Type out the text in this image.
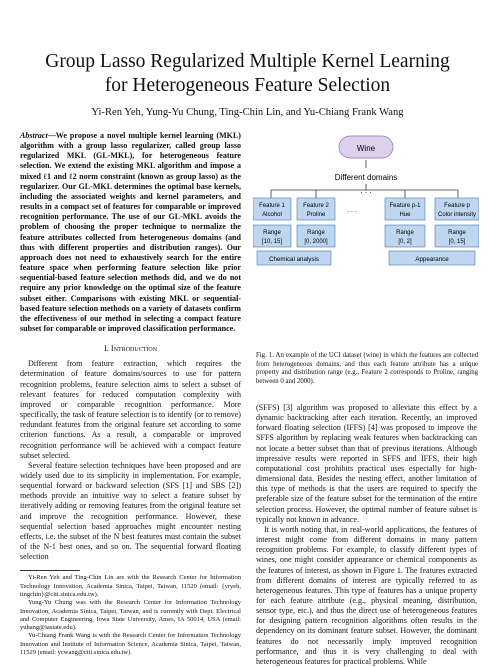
Group Lasso Regularized Multiple Kernel Learning
for Heterogeneous Feature Selection

Yi-Ren Yeh, Yung-Yu Chung, Ting-Chin Lin, and Yu-Chiang Frank Wang

Abstract—We propose a novel multiple kernel learning (MKL) algorithm with a group lasso regularizer, called group lasso regularized MKL (GL-MKL), for heterogeneous feature selection. We extend the existing MKL algorithm and impose a mixed ℓ1 and ℓ2 norm constraint (known as group lasso) as the regularizer. Our GL-MKL determines the optimal base kernels, including the associated weights and kernel parameters, and results in a compact set of features for comparable or improved recognition performance. The use of our GL-MKL avoids the problem of choosing the proper technique to normalize the feature attributes collected from heterogeneous domains (and thus with different properties and distribution ranges). Our approach does not need to exhaustively search for the entire feature space when performing feature selection like prior sequential-based feature selection methods did, and we do not require any prior knowledge on the optimal size of the feature subset either. Comparisons with existing MKL or sequential-based feature selection methods on a variety of datasets confirm the effectiveness of our method in selecting a compact feature subset for comparable or improved classification performance.

I. Introduction

Different from feature extraction, which requires the determination of feature domains/sources to use for pattern recognition problems, feature selection aims to select a subset of relevant features for reduced computation complexity with improved or comparable recognition performance. More specifically, the task of feature selection is to identify (or to remove) redundant features from the original feature set according to some criterion functions. As a result, a comparable or improved recognition performance will be achieved with a compact feature subset selected.

Several feature selection techniques have been proposed and are widely used due to its simplicity in implementation. For example, sequential forward or backward selection (SFS [1] and SBS [2]) methods provide an intuitive way to select a feature subset by iteratively adding or removing features from the original feature set and improve the recognition performance. However, these sequential selection based approaches might encounter nesting effects, i.e. the subset of the N best features must contain the subset of the N-1 best ones, and so on. The sequential forward floating selection

Yi-Ren Yeh and Ting-Chin Lin are with the Research Center for Information Technology Innovation, Academia Sinica, Taipei, Taiwan, 11529 (email: {yryeh, tingchin}@citi.sinica.edu.tw).

Yung-Yu Chung was with the Research Center for Information Technology Innovation, Academia Sinica, Taipei, Taiwan, and is currently with Dept. Electrical and Computer Engineering, Iowa State University, Ames, IA 50014, USA (email: yuhang@iastate.edu).

Yu-Chiang Frank Wang is with the Research Center for Information Technology Innovation and Institute of Information Science, Academia Sinica, Taipei, Taiwan, 11529 (email: ycwang@citi.sinica.edu.tw).

Wine
Different domains
. . .
Feature 1
Alcohol
Feature 2
Proline
. . .
Feature p-1
Hue
Feature p
Color intensity
Range
[10, 15]
Range
[0, 2000]
Range
[0, 2]
Range
[0, 15]
Chemical analysis	Appearance

Fig. 1. An example of the UCI dataset (wine) in which the features are collected from heterogeneous domains, and thus each feature attribute has a unique property and distribution range (e.g., Feature 2 corresponds to Proline, ranging between 0 and 2000).

(SFFS) [3] algorithm was proposed to alleviate this effect by a dynamic backtracking after each iteration. Recently, an improved forward floating selection (IFFS) [4] was proposed to improve the SFFS algorithm by replacing weak features when backtracking can not locate a better subset than that of previous iterations. Although impressive results were reported in SFFS and IFFS, their high computational cost prohibits practical uses especially for high-dimensional data. Besides the nesting effect, another limitation of this type of methods is that the users are required to specify the preferable size of the feature subset for the termination of the entire selection process. However, the optimal number of feature subset is typically not known in advance.

It is worth noting that, in real-world applications, the features of interest might come from different domains in many pattern recognition problems. For example, to classify different types of wines, one might consider appearance or chemical components as the features of interest, as shown in Figure 1. The features extracted from different domains of interest are typically referred to as heterogeneous features. This type of features has a unique property for each feature attribute (e.g., physical meaning, distribution, sensor type, etc.), and thus the direct use of heterogeneous features for designing pattern recognition algorithms often results in the dependency on its dominant feature subset. However, the dominant features do not necessarily imply improved recognition performance, and thus it is very challenging to deal with heterogeneous features for practical problems. While
